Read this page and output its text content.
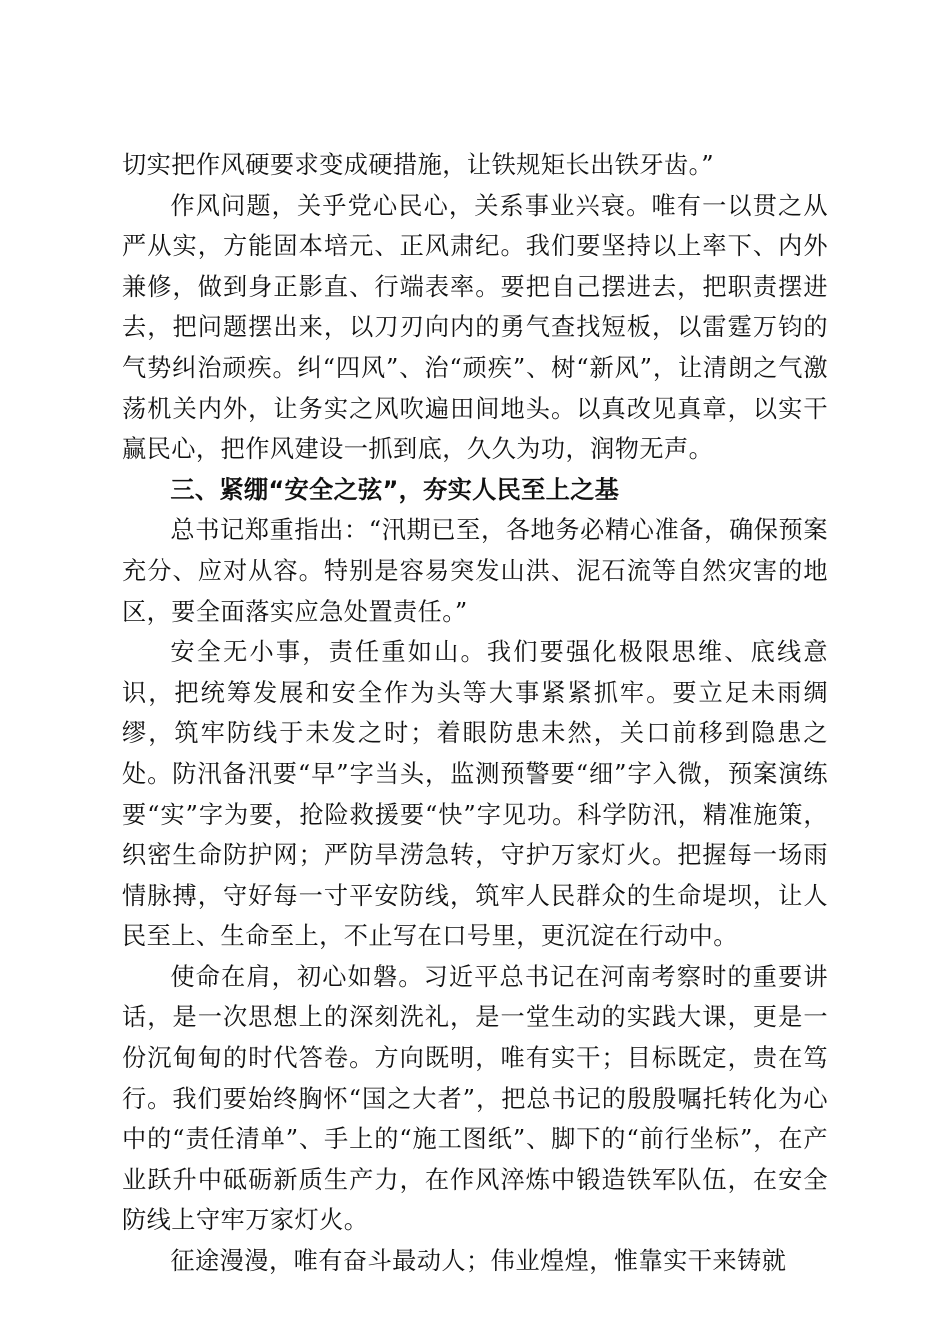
切实把作风硬要求变成硬措施，让铁规矩长出铁牙齿。”

作风问题，关乎党心民心，关系事业兴衰。唯有一以贯之从严从实，方能固本培元、正风肃纪。我们要坚持以上率下、内外兼修，做到身正影直、行端表率。要把自己摆进去，把职责摆进去，把问题摆出来，以刀刃向内的勇气查找短板，以雷霆万钧的气势纠治顽疾。纠“四风”、治“顽疾”、树“新风”，让清朗之气激荡机关内外，让务实之风吹遍田间地头。以真改见真章，以实干赢民心，把作风建设一抓到底，久久为功，润物无声。

三、紧绷“安全之弦”，夯实人民至上之基

总书记郑重指出：“汛期已至，各地务必精心准备，确保预案充分、应对从容。特别是容易突发山洪、泥石流等自然灾害的地区，要全面落实应急处置责任。”

安全无小事，责任重如山。我们要强化极限思维、底线意识，把统筹发展和安全作为头等大事紧紧抓牢。要立足未雨绸缪，筑牢防线于未发之时；着眼防患未然，关口前移到隐患之处。防汛备汛要“早”字当头，监测预警要“细”字入微，预案演练要“实”字为要，抢险救援要“快”字见功。科学防汛，精准施策，织密生命防护网；严防旱涝急转，守护万家灯火。把握每一场雨情脉搏，守好每一寸平安防线，筑牢人民群众的生命堤坝，让人民至上、生命至上，不止写在口号里，更沉淀在行动中。

使命在肩，初心如磐。习近平总书记在河南考察时的重要讲话，是一次思想上的深刻洗礼，是一堂生动的实践大课，更是一份沉甸甸的时代答卷。方向既明，唯有实干；目标既定，贵在笃行。我们要始终胸怀“国之大者”，把总书记的殷殷嘱托转化为心中的“责任清单”、手上的“施工图纸”、脚下的“前行坐标”，在产业跃升中砥砺新质生产力，在作风淬炼中锻造铁军队伍，在安全防线上守牢万家灯火。

征途漫漫，唯有奋斗最动人；伟业煌煌，惟靠实干来铸就
